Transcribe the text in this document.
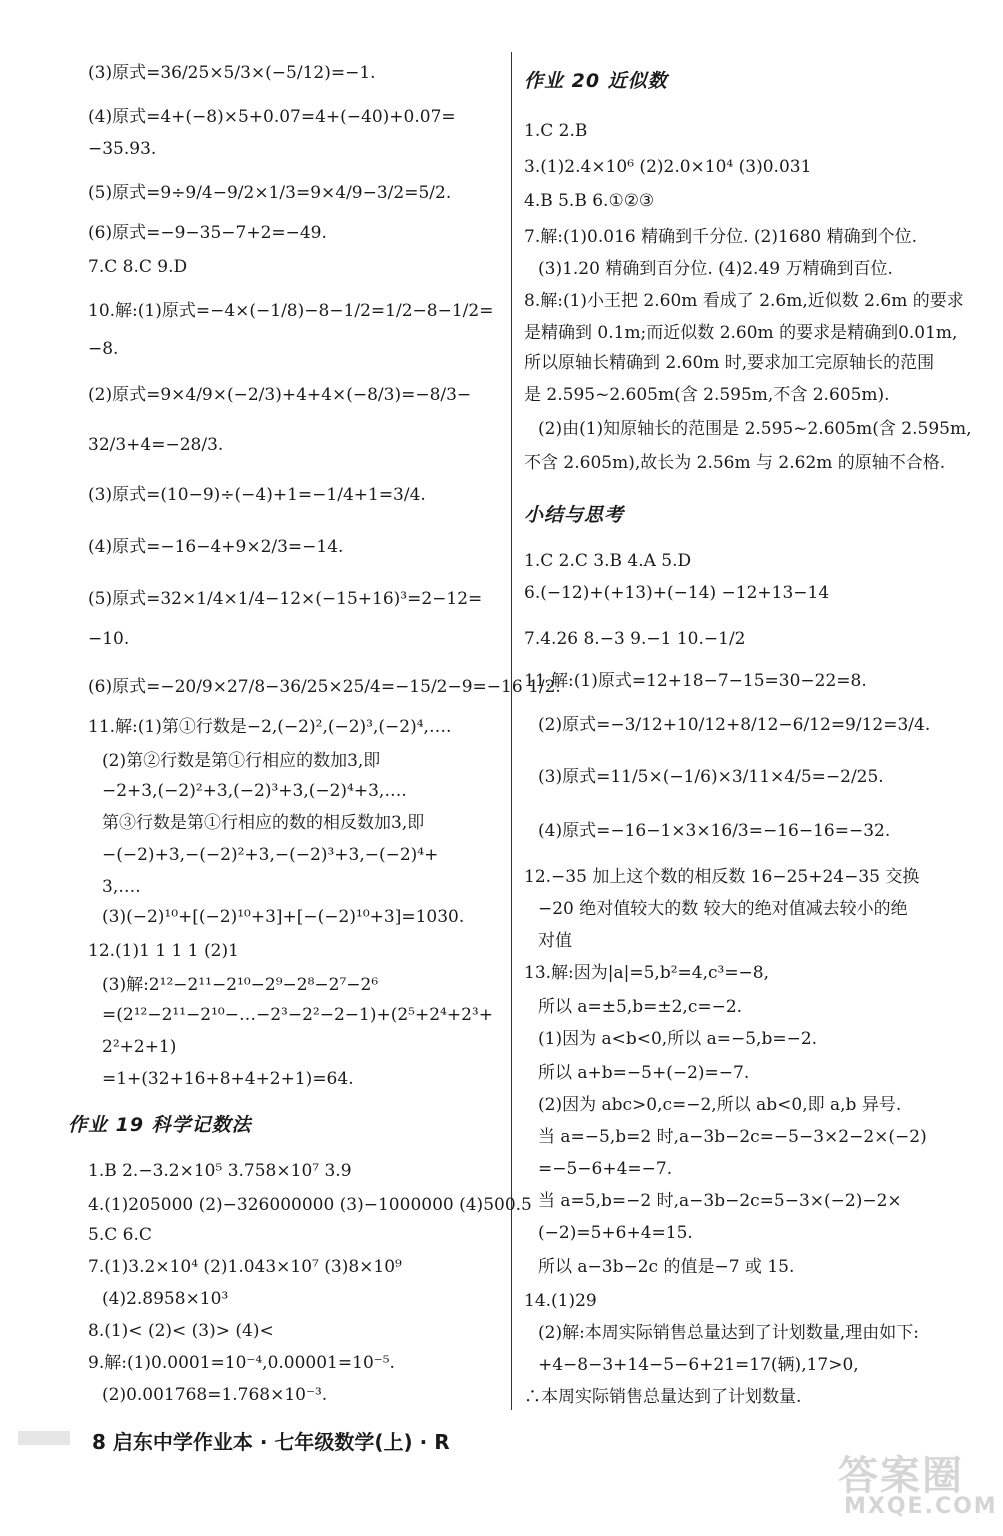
(3)原式=36/25×5/3×(−5/12)=−1.
(4)原式=4+(−8)×5+0.07=4+(−40)+0.07=
−35.93.
(5)原式=9÷9/4−9/2×1/3=9×4/9−3/2=5/2.
(6)原式=−9−35−7+2=−49.
7.C 8.C 9.D
10.解:(1)原式=−4×(−1/8)−8−1/2=1/2−8−1/2=
−8.
(2)原式=9×4/9×(−2/3)+4+4×(−8/3)=−8/3−
32/3+4=−28/3.
(3)原式=(10−9)÷(−4)+1=−1/4+1=3/4.
(4)原式=−16−4+9×2/3=−14.
(5)原式=32×1/4×1/4−12×(−15+16)³=2−12=
−10.
(6)原式=−20/9×27/8−36/25×25/4=−15/2−9=−16 1/2.
11.解:(1)第①行数是−2,(−2)²,(−2)³,(−2)⁴,….
(2)第②行数是第①行相应的数加3,即
−2+3,(−2)²+3,(−2)³+3,(−2)⁴+3,….
第③行数是第①行相应的数的相反数加3,即
−(−2)+3,−(−2)²+3,−(−2)³+3,−(−2)⁴+
3,….
(3)(−2)¹⁰+[(−2)¹⁰+3]+[−(−2)¹⁰+3]=1030.
12.(1)1 1 1 1 (2)1
(3)解:2¹²−2¹¹−2¹⁰−2⁹−2⁸−2⁷−2⁶
=(2¹²−2¹¹−2¹⁰−…−2³−2²−2−1)+(2⁵+2⁴+2³+
2²+2+1)
=1+(32+16+8+4+2+1)=64.
作业 19 科学记数法
1.B 2.−3.2×10⁵ 3.758×10⁷ 3.9
4.(1)205000 (2)−326000000 (3)−1000000 (4)500.5
5.C 6.C
7.(1)3.2×10⁴ (2)1.043×10⁷ (3)8×10⁹
(4)2.8958×10³
8.(1)< (2)< (3)> (4)<
9.解:(1)0.0001=10⁻⁴,0.00001=10⁻⁵.
(2)0.001768=1.768×10⁻³.
作业 20 近似数
1.C 2.B
3.(1)2.4×10⁶ (2)2.0×10⁴ (3)0.031
4.B 5.B 6.①②③
7.解:(1)0.016 精确到千分位. (2)1680 精确到个位.
(3)1.20 精确到百分位. (4)2.49 万精确到百位.
8.解:(1)小王把 2.60m 看成了 2.6m,近似数 2.6m 的要求
是精确到 0.1m;而近似数 2.60m 的要求是精确到0.01m,
所以原轴长精确到 2.60m 时,要求加工完原轴长的范围
是 2.595~2.605m(含 2.595m,不含 2.605m).
(2)由(1)知原轴长的范围是 2.595~2.605m(含 2.595m,
不含 2.605m),故长为 2.56m 与 2.62m 的原轴不合格.
小结与思考
1.C 2.C 3.B 4.A 5.D
6.(−12)+(+13)+(−14) −12+13−14
7.4.26 8.−3 9.−1 10.−1/2
11.解:(1)原式=12+18−7−15=30−22=8.
(2)原式=−3/12+10/12+8/12−6/12=9/12=3/4.
(3)原式=11/5×(−1/6)×3/11×4/5=−2/25.
(4)原式=−16−1×3×16/3=−16−16=−32.
12.−35 加上这个数的相反数 16−25+24−35 交换
−20 绝对值较大的数 较大的绝对值减去较小的绝
对值
13.解:因为|a|=5,b²=4,c³=−8,
所以 a=±5,b=±2,c=−2.
(1)因为 a<b<0,所以 a=−5,b=−2.
所以 a+b=−5+(−2)=−7.
(2)因为 abc>0,c=−2,所以 ab<0,即 a,b 异号.
当 a=−5,b=2 时,a−3b−2c=−5−3×2−2×(−2)
=−5−6+4=−7.
当 a=5,b=−2 时,a−3b−2c=5−3×(−2)−2×
(−2)=5+6+4=15.
所以 a−3b−2c 的值是−7 或 15.
14.(1)29
(2)解:本周实际销售总量达到了计划数量,理由如下:
+4−8−3+14−5−6+21=17(辆),17>0,
∴本周实际销售总量达到了计划数量.
8 启东中学作业本 · 七年级数学(上) · R
答案圈
MXQE.COM
